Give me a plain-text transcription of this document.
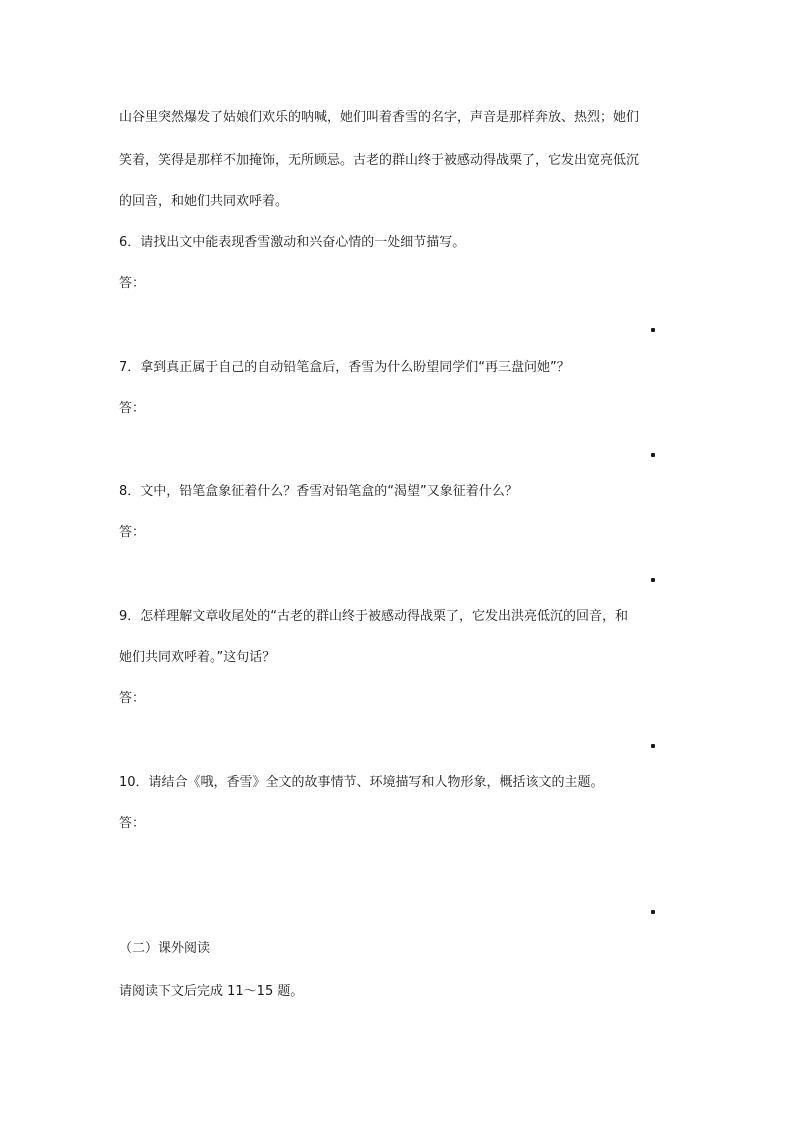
山谷里突然爆发了姑娘们欢乐的呐喊，她们叫着香雪的名字，声音是那样奔放、热烈；她们
笑着，笑得是那样不加掩饰，无所顾忌。古老的群山终于被感动得战栗了，它发出宽亮低沉
的回音，和她们共同欢呼着。
6．请找出文中能表现香雪激动和兴奋心情的一处细节描写。
答：
7．拿到真正属于自己的自动铅笔盒后，香雪为什么盼望同学们“再三盘问她”？
答：
8．文中，铅笔盒象征着什么？香雪对铅笔盒的“渴望”又象征着什么？
答：
9．怎样理解文章收尾处的“古老的群山终于被感动得战栗了，它发出洪亮低沉的回音，和
她们共同欢呼着。”这句话？
答：
10．请结合《哦，香雪》全文的故事情节、环境描写和人物形象，概括该文的主题。
答：
（二）课外阅读
请阅读下文后完成 11～15 题。
